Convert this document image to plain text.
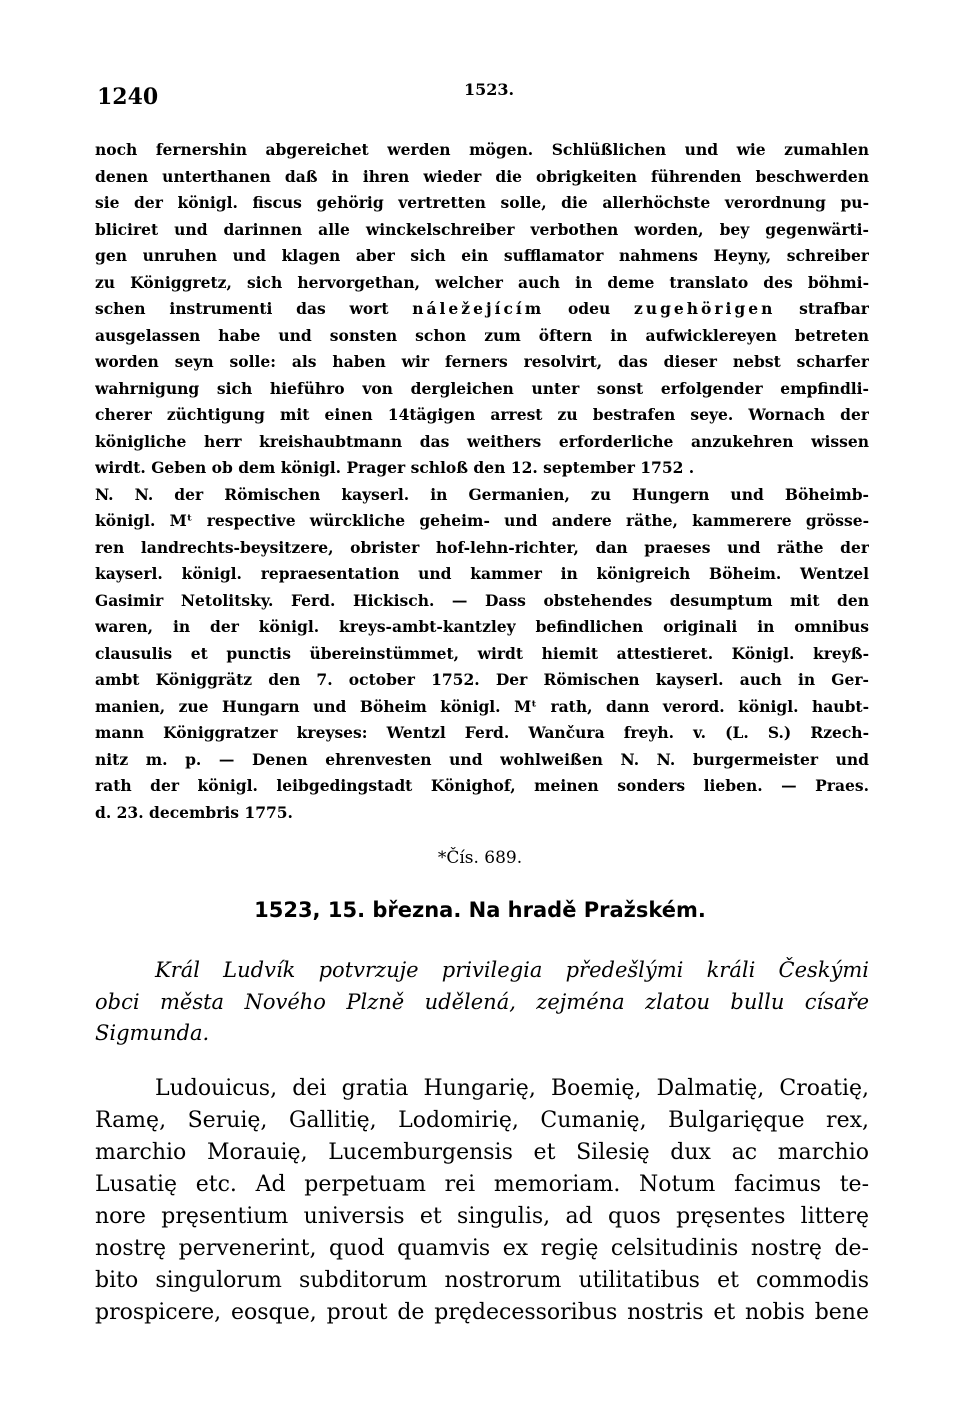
1240	1523.
noch fernershin abgereichet werden mögen. Schlüßlichen und wie zumahlen
denen unterthanen daß in ihren wieder die obrigkeiten führenden beschwerden
sie der königl. fiscus gehörig vertretten solle, die allerhöchste verordnung pu-
bliciret und darinnen alle winckelschreiber verbothen worden, bey gegenwärti-
gen unruhen und klagen aber sich ein sufflamator nahmens Heyny, schreiber
zu Königgretz, sich hervorgethan, welcher auch in deme translato des böhmi-
schen instrumenti das wort náležejícím odeu zugehörigen strafbar
ausgelassen habe und sonsten schon zum öftern in aufwicklereyen betreten
worden seyn solle: als haben wir ferners resolvirt, das dieser nebst scharfer
wahrnigung sich hieführo von dergleichen unter sonst erfolgender empfindli-
cherer züchtigung mit einen 14tägigen arrest zu bestrafen seye. Wornach der
königliche herr kreishaubtmann das weithers erforderliche anzukehren wissen
wirdt. Geben ob dem königl. Prager schloß den 12. september 1752 .
N. N. der Römischen kayserl. in Germanien, zu Hungern und Böheimb-
königl. Mᵗ respective würckliche geheim- und andere räthe, kammerere grösse-
ren landrechts-beysitzere, obrister hof-lehn-richter, dan praeses und räthe der
kayserl. königl. repraesentation und kammer in königreich Böheim. Wentzel
Gasimir Netolitsky. Ferd. Hickisch. — Dass obstehendes desumptum mit den
waren, in der königl. kreys-ambt-kantzley befindlichen originali in omnibus
clausulis et punctis übereinstümmet, wirdt hiemit attestieret. Königl. kreyß-
ambt Königgrätz den 7. october 1752. Der Römischen kayserl. auch in Ger-
manien, zue Hungarn und Böheim königl. Mᵗ rath, dann verord. königl. haubt-
mann Königgratzer kreyses: Wentzl Ferd. Wančura freyh. v. (L. S.) Rzech-
nitz m. p. — Denen ehrenvesten und wohlweißen N. N. burgermeister und
rath der königl. leibgedingstadt Könighof, meinen sonders lieben. — Praes.
d. 23. decembris 1775.
*Čís. 689.
1523, 15. března. Na hradě Pražském.
Král Ludvík potvrzuje privilegia předešlými králi Českými
obci města Nového Plzně udělená, zejména zlatou bullu císaře
Sigmunda.
Ludouicus, dei gratia Hungarię, Boemię, Dalmatię, Croatię,
Ramę, Seruię, Gallitię, Lodomirię, Cumanię, Bulgarięque rex,
marchio Morauię, Lucemburgensis et Silesię dux ac marchio
Lusatię etc. Ad perpetuam rei memoriam. Notum facimus te-
nore pręsentium universis et singulis, ad quos pręsentes litterę
nostrę pervenerint, quod quamvis ex regię celsitudinis nostrę de-
bito singulorum subditorum nostrorum utilitatibus et commodis
prospicere, eosque, prout de prędecessoribus nostris et nobis bene
